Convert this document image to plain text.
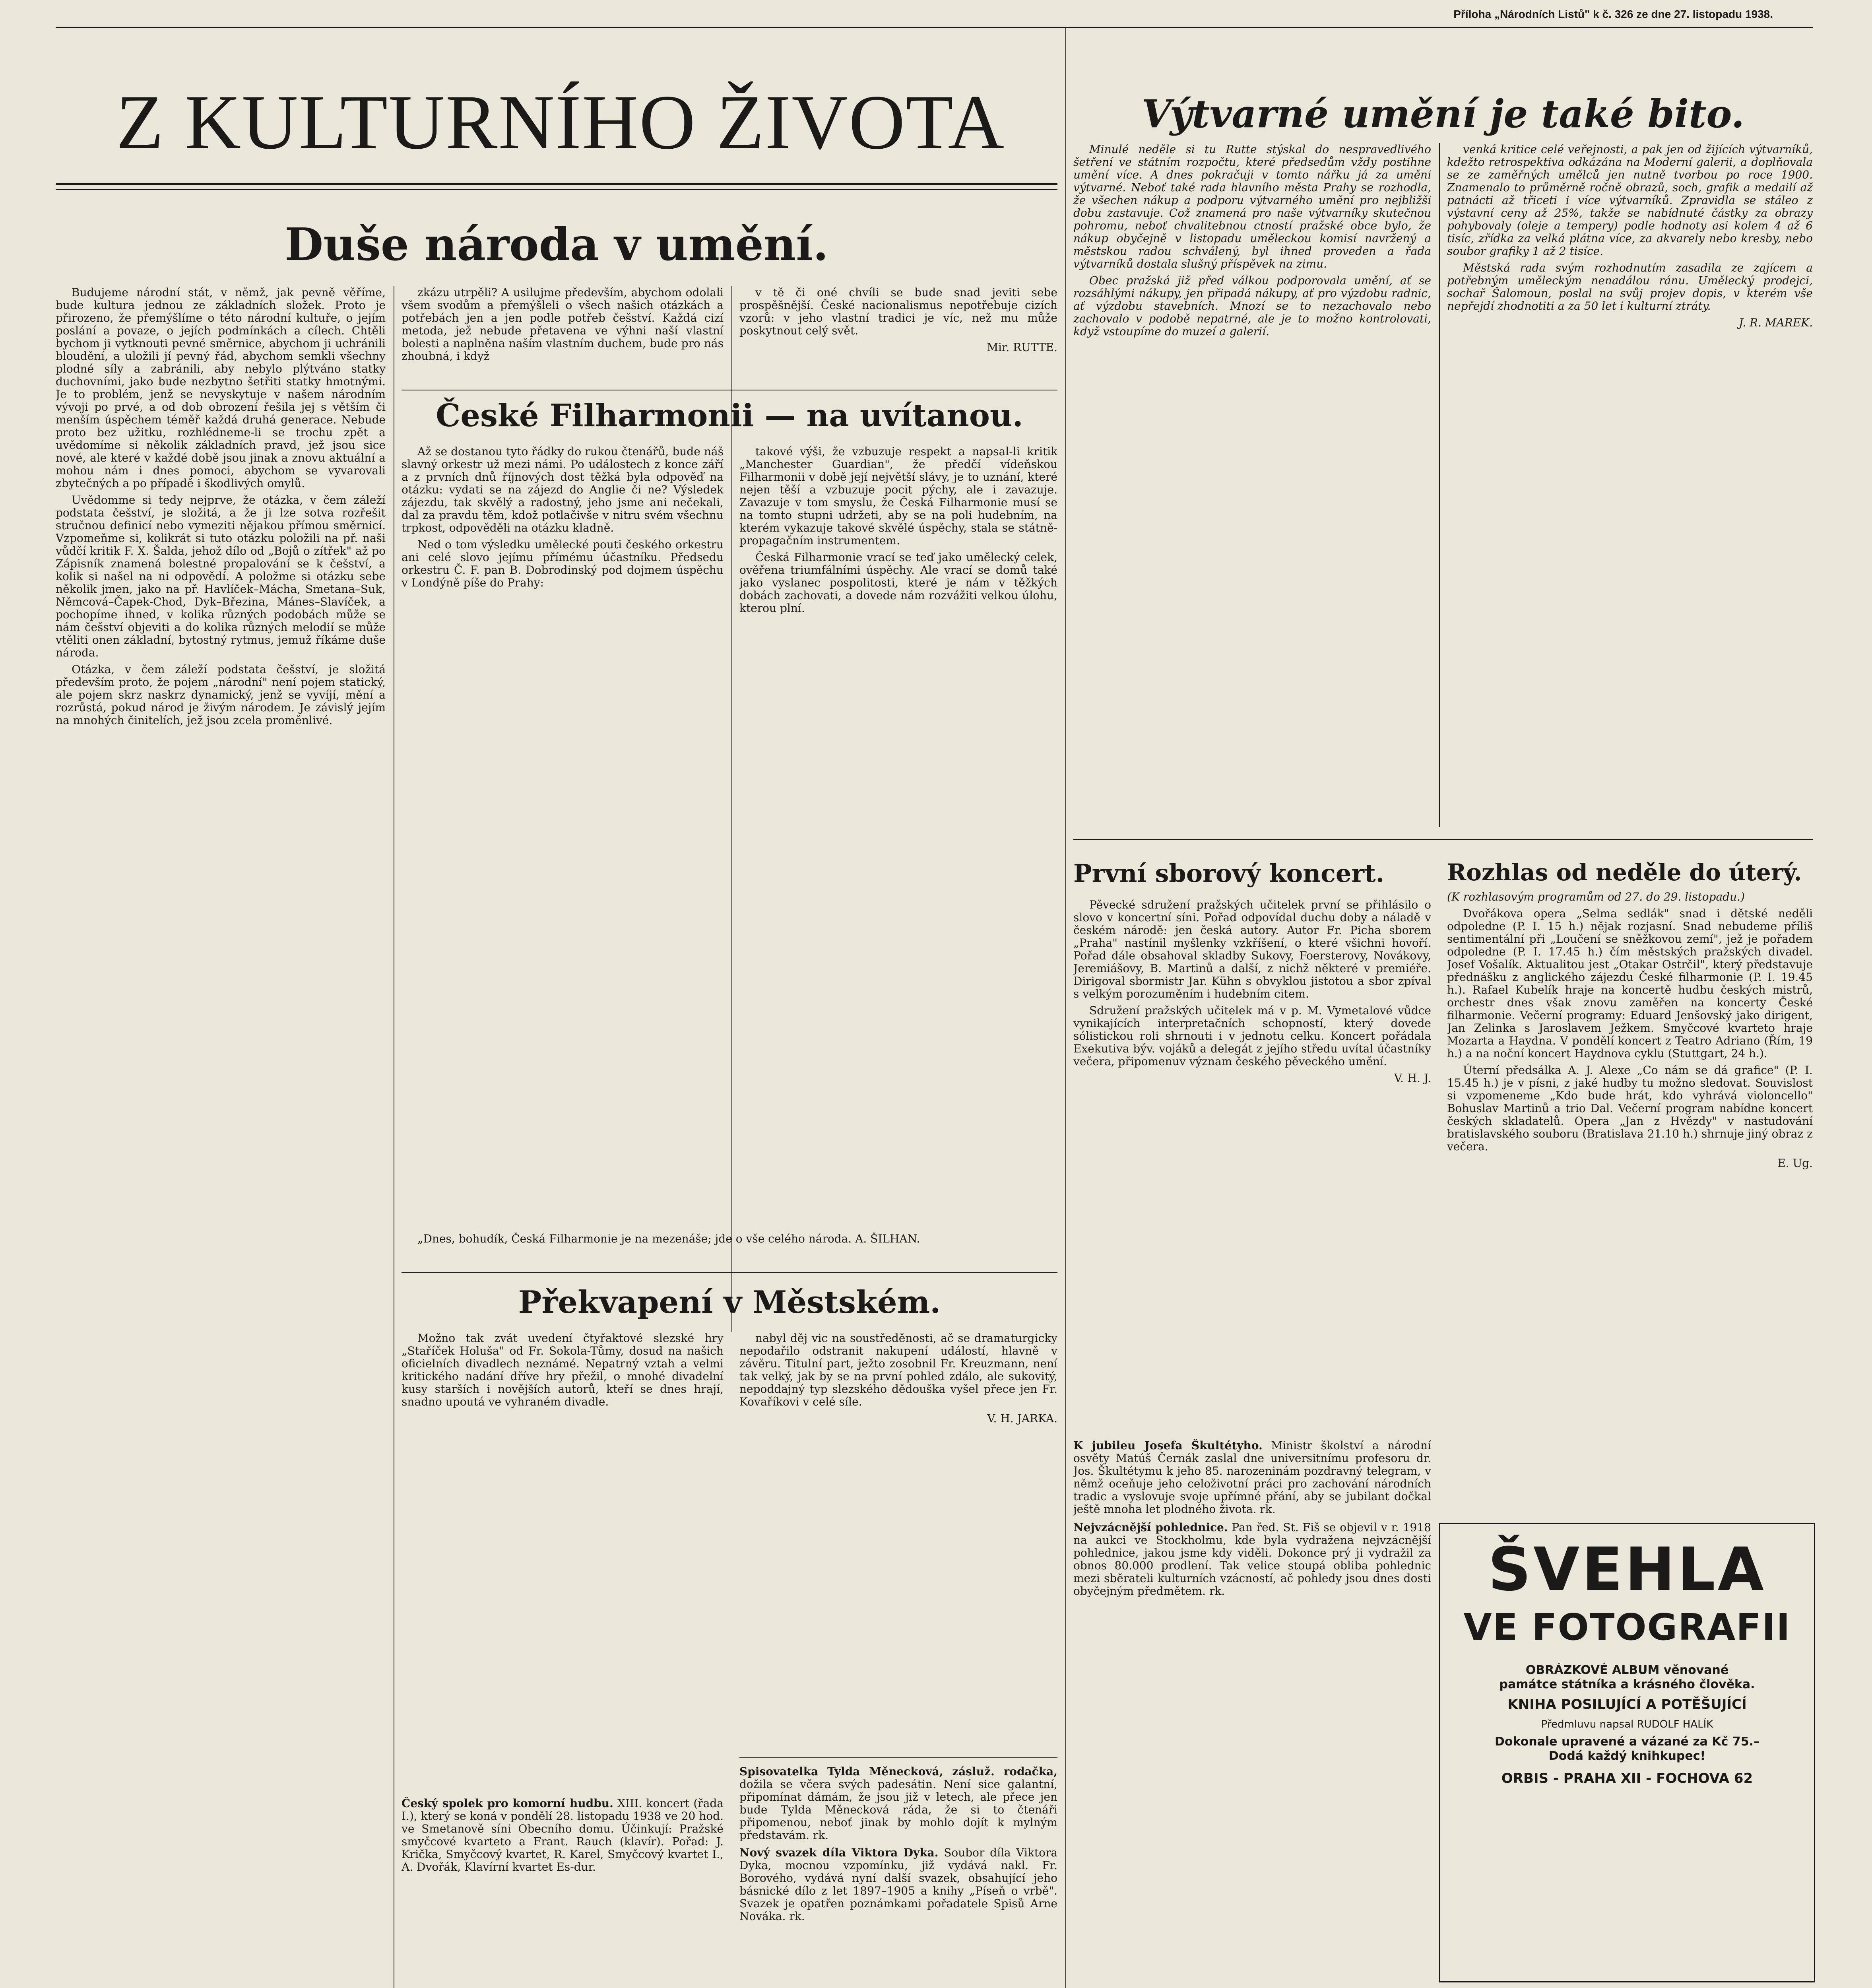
Příloha „Národních Listů" k č. 326 ze dne 27. listopadu 1938.
Z KULTURNÍHO ŽIVOTA
Duše národa v umění.

Budujeme národní stát, v němž, jak pevně věříme, bude kultura jednou ze základních složek. Proto je přirozeno, že přemýšlíme o této národní kultuře, o jejím poslání a povaze, o jejích podmínkách a cílech. Chtěli bychom ji vytknouti pevné směrnice, abychom ji uchránili bloudění, a uložili jí pevný řád, abychom semkli všechny plodné síly a zabránili, aby nebylo plýtváno statky duchovními, jako bude nezbytno šetřiti statky hmotnými. Je to problém, jenž se nevyskytuje v našem národním vývoji po prvé, a od dob obrození řešila jej s větším či menším úspěchem téměř každá druhá generace. Nebude proto bez užitku, rozhlédneme-li se trochu zpět a uvědomíme si několik základních pravd, jež jsou sice nové, ale které v každé době jsou jinak a znovu aktuální a mohou nám i dnes pomoci, abychom se vyvarovali zbytečných a po případě i škodlivých omylů.

Uvědomme si tedy nejprve, že otázka, v čem záleží podstata češství, je složitá, a že ji lze sotva rozřešit stručnou definicí nebo vymeziti nějakou přímou směrnicí. Vzpomeňme si, kolikrát si tuto otázku položili na př. naši vůdčí kritik F. X. Šalda, jehož dílo od „Bojů o zítřek" až po Zápisník znamená bolestné propalování se k češství, a kolik si našel na ni odpovědí. A položme si otázku sebe několik jmen, jako na př. Havlíček–Mácha, Smetana–Suk, Němcová–Čapek-Chod, Dyk–Březina, Mánes–Slavíček, a pochopíme ihned, v kolika různých podobách může se nám češství objeviti a do kolika různých melodií se může vtěliti onen základní, bytostný rytmus, jemuž říkáme duše národa.

Otázka, v čem záleží podstata češství, je složitá především proto, že pojem „národní" není pojem statický, ale pojem skrz naskrz dynamický, jenž se vyvíjí, mění a rozrůstá, pokud národ je živým národem. Je závislý jejím na mnohých činitelích, jež jsou zcela proměnlivé.

zkázu utrpěli? A usilujme především, abychom odolali všem svodům a přemýšleli o všech našich otázkách a potřebách jen a jen podle potřeb češství. Každá cizí metoda, jež nebude přetavena ve výhni naší vlastní bolesti a naplněna naším vlastním duchem, bude pro nás zhoubná, i když

v tě či oné chvíli se bude snad jeviti sebe prospěšnější. České nacionalismus nepotřebuje cizích vzorů: v jeho vlastní tradici je víc, než mu může poskytnout celý svět.

Mir. RUTTE.
České Filharmonii — na uvítanou.

Až se dostanou tyto řádky do rukou čtenářů, bude náš slavný orkestr už mezi námi. Po událostech z konce září a z prvních dnů říjnových dost těžká byla odpověď na otázku: vydati se na zájezd do Anglie či ne? Výsledek zájezdu, tak skvělý a radostný, jeho jsme ani nečekali, dal za pravdu těm, kdož potlačivše v nitru svém všechnu trpkost, odpověděli na otázku kladně.

Ned o tom výsledku umělecké pouti českého orkestru ani celé slovo jejímu přímému účastníku. Předsedu orkestru Č. F. pan B. Dobrodinský pod dojmem úspěchu v Londýně píše do Prahy:

takové výši, že vzbuzuje respekt a napsal-li kritik „Manchester Guardian", že předčí vídeňskou Filharmonii v době její největší slávy, je to uznání, které nejen těší a vzbuzuje pocit pýchy, ale i zavazuje. Zavazuje v tom smyslu, že Česká Filharmonie musí se na tomto stupni udržeti, aby se na poli hudebním, na kterém vykazuje takové skvělé úspěchy, stala se státně-propagačním instrumentem.

Česká Filharmonie vrací se teď jako umělecký celek, ověřena triumfálními úspěchy. Ale vrací se domů také jako vyslanec pospolitosti, které je nám v těžkých dobách zachovati, a dovede nám rozvážiti velkou úlohu, kterou plní.

„Dnes, bohudík, Česká Filharmonie je na mezenáše; jde o vše celého národa. A. ŠILHAN.
Překvapení v Městském.

Možno tak zvát uvedení čtyřaktové slezské hry „Staříček Holuša" od Fr. Sokola-Tůmy, dosud na našich oficielních divadlech neznámé. Nepatrný vztah a velmi kritického nadání dříve hry přežil, o mnohé divadelní kusy starších i novějších autorů, kteří se dnes hrají, snadno upoutá ve vyhraném divadle.

nabyl děj vic na soustředěnosti, ač se dramaturgicky nepodařilo odstranit nakupení událostí, hlavně v závěru. Titulní part, ježto zosobnil Fr. Kreuzmann, není tak velký, jak by se na první pohled zdálo, ale sukovitý, nepoddajný typ slezského dědouška vyšel přece jen Fr. Kovaříkovi v celé síle.

V. H. JARKA.
Český spolek pro komorní hudbu. XIII. koncert (řada I.), který se koná v pondělí 28. listopadu 1938 ve 20 hod. ve Smetanově síni Obecního domu. Účinkují: Pražské smyčcové kvarteto a Frant. Rauch (klavír). Pořad: J. Krička, Smyčcový kvartet, R. Karel, Smyčcový kvartet I., A. Dvořák, Klavírní kvartet Es-dur.
Spisovatelka Tylda Měnecková, zásluž. rodačka, dožila se včera svých padesátin. Není sice galantní, připomínat dámám, že jsou již v letech, ale přece jen bude Tylda Měnecková ráda, že si to čtenáři připomenou, neboť jinak by mohlo dojít k mylným představám. rk.
Nový svazek díla Viktora Dyka. Soubor díla Viktora Dyka, mocnou vzpomínku, již vydává nakl. Fr. Borového, vydává nyní další svazek, obsahující jeho básnické dílo z let 1897–1905 a knihy „Píseň o vrbě". Svazek je opatřen poznámkami pořadatele Spisů Arne Nováka. rk.
Výtvarné umění je také bito.

Minulé neděle si tu Rutte stýskal do nespravedlivého šetření ve státním rozpočtu, které předsedům vždy postihne umění více. A dnes pokračuji v tomto nářku já za umění výtvarné. Neboť také rada hlavního města Prahy se rozhodla, že všechen nákup a podporu výtvarného umění pro nejbližší dobu zastavuje. Což znamená pro naše výtvarníky skutečnou pohromu, neboť chvalitebnou ctností pražské obce bylo, že nákup obyčejně v listopadu uměleckou komisí navržený a městskou radou schválený, byl ihned proveden a řada výtvarníků dostala slušný příspěvek na zimu.

Obec pražská již před válkou podporovala umění, ať se rozsáhlými nákupy, jen připadá nákupy, ať pro výzdobu radnic, ať výzdobu stavebních. Mnozí se to nezachovalo nebo zachovalo v podobě nepatrné, ale je to možno kontrolovati, když vstoupíme do muzeí a galerií.

venká kritice celé veřejnosti, a pak jen od žijících výtvarníků, kdežto retrospektiva odkázána na Moderní galerii, a doplňovala se ze zaměřných umělců jen nutně tvorbou po roce 1900. Znamenalo to průměrně ročně obrazů, soch, grafik a medailí až patnácti až třiceti i více výtvarníků. Zpravidla se stáleo z výstavní ceny až 25%, takže se nabídnuté částky za obrazy pohybovaly (oleje a tempery) podle hodnoty asi kolem 4 až 6 tisíc, zřídka za velká plátna více, za akvarely nebo kresby, nebo soubor grafiky 1 až 2 tisíce.

Městská rada svým rozhodnutím zasadila ze zajícem a potřebným uměleckým nenadálou ránu. Umělecký prodejci, sochař Šalomoun, poslal na svůj projev dopis, v kterém vše nepřejdí zhodnotiti a za 50 let i kulturní ztráty.

J. R. MAREK.
První sborový koncert.

Pěvecké sdružení pražských učitelek první se přihlásilo o slovo v koncertní síni. Pořad odpovídal duchu doby a náladě v českém národě: jen česká autory. Autor Fr. Picha sborem „Praha" nastínil myšlenky vzkříšení, o které všichni hovoří. Pořad dále obsahoval skladby Sukovy, Foersterovy, Novákovy, Jeremiášovy, B. Martinů a další, z nichž některé v premiéře. Dirigoval sbormistr Jar. Kühn s obvyklou jistotou a sbor zpíval s velkým porozuměním i hudebním citem.

Sdružení pražských učitelek má v p. M. Vymetalové vůdce vynikajících interpretačních schopností, který dovede sólistickou roli shrnouti i v jednotu celku. Koncert pořádala Exekutiva býv. vojáků a delegát z jejího středu uvítal účastníky večera, připomenuv význam českého pěveckého umění.

V. H. J.
Rozhlas od neděle do úterý.
(K rozhlasovým programům od 27. do 29. listopadu.)

Dvořákova opera „Selma sedlák" snad i dětské neděli odpoledne (P. I. 15 h.) nějak rozjasní. Snad nebudeme příliš sentimentální při „Loučení se sněžkovou zemí", jež je pořadem odpoledne (P. I. 17.45 h.) čím městských pražských divadel. Josef Vošalík. Aktualitou jest „Otakar Ostrčil", který představuje přednášku z anglického zájezdu České filharmonie (P. I. 19.45 h.). Rafael Kubelík hraje na koncertě hudbu českých mistrů, orchestr dnes však znovu zaměřen na koncerty České filharmonie. Večerní programy: Eduard Jenšovský jako dirigent, Jan Zelinka s Jaroslavem Ježkem. Smyčcové kvarteto hraje Mozarta a Haydna. V pondělí koncert z Teatro Adriano (Řím, 19 h.) a na noční koncert Haydnova cyklu (Stuttgart, 24 h.).

Úterní předsálka A. J. Alexe „Co nám se dá grafice" (P. I. 15.45 h.) je v písni, z jaké hudby tu možno sledovat. Souvislost si vzpomeneme „Kdo bude hrát, kdo vyhrává violoncello" Bohuslav Martinů a trio Dal. Večerní program nabídne koncert českých skladatelů. Opera „Jan z Hvězdy" v nastudování bratislavského souboru (Bratislava 21.10 h.) shrnuje jiný obraz z večera.

E. Ug.
K jubileu Josefa Škultétyho. Ministr školství a národní osvěty Matúš Černák zaslal dne universitnímu profesoru dr. Jos. Škultétymu k jeho 85. narozeninám pozdravný telegram, v němž oceňuje jeho celoživotní práci pro zachování národních tradic a vyslovuje svoje upřímné přání, aby se jubilant dočkal ještě mnoha let plodného života. rk.
Nejvzácnější pohlednice. Pan řed. St. Fiš se objevil v r. 1918 na aukci ve Stockholmu, kde byla vydražena nejvzácnější pohlednice, jakou jsme kdy viděli. Dokonce prý ji vydražil za obnos 80.000 prodlení. Tak velice stoupá obliba pohlednic mezi sběrateli kulturních vzácností, ač pohledy jsou dnes dosti obyčejným předmětem. rk.	ŠVEHLA
VE FOTOGRAFII
OBRÁZKOVÉ ALBUM věnované
památce státníka a krásného člověka.
KNIHA POSILUJÍCÍ A POTĚŠUJÍCÍ
Předmluvu napsal RUDOLF HALÍK
Dokonale upravené a vázané za Kč 75.–
Dodá každý knihkupec!
ORBIS - PRAHA XII - FOCHOVA 62
